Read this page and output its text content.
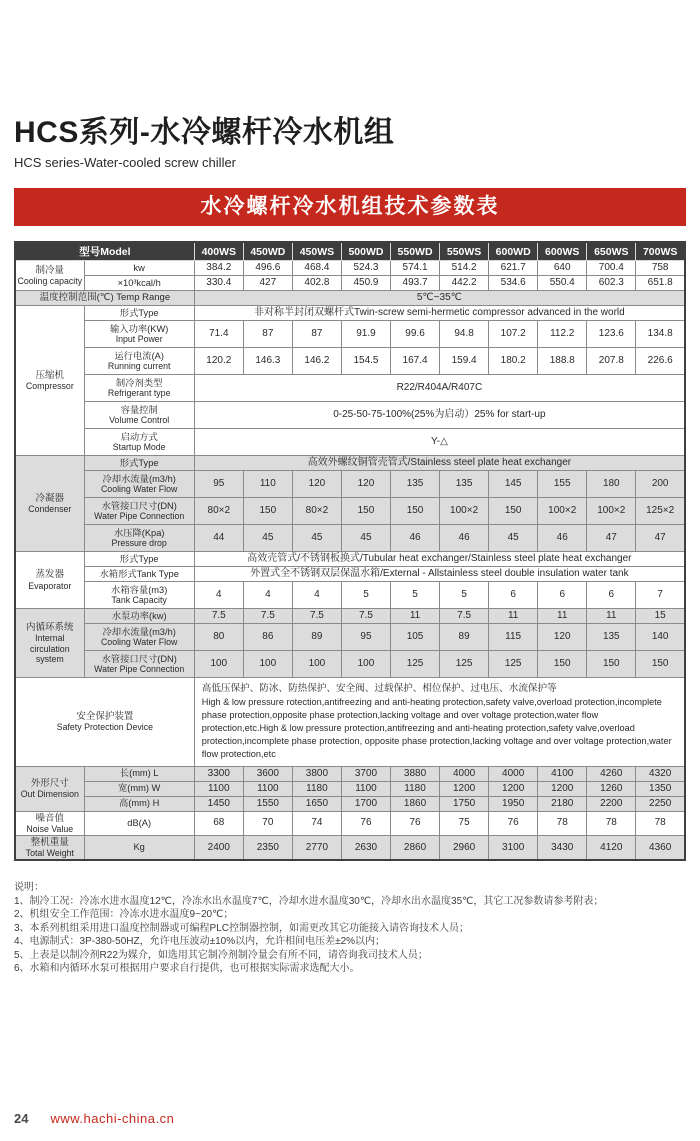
HCS系列-水冷螺杆冷水机组
HCS series-Water-cooled screw chiller
水冷螺杆冷水机组技术参数表
型号Model		400WS	450WD	450WS	500WD	550WD	550WS	600WD	600WS	650WS	700WS

制冷量
Cooling capacity	kw	384.2	496.6	468.4	524.3	574.1	514.2	621.7	640	700.4	758

	×10³kcal/h	330.4	427	402.8	450.9	493.7	442.2	534.6	550.4	602.3	651.8

温度控制范围(℃) Temp Range		5℃~35℃									

压缩机
Compressor	形式Type	非对称半封闭双螺杆式Twin-screw semi-hermetic compressor advanced in the world									

	输入功率(KW)
Input Power	71.4	87	87	91.9	99.6	94.8	107.2	112.2	123.6	134.8

	运行电流(A)
Running current	120.2	146.3	146.2	154.5	167.4	159.4	180.2	188.8	207.8	226.6

	制冷剂类型
Refrigerant type	R22/R404A/R407C									

	容量控制
Volume Control	0-25-50-75-100%(25%为启动）25% for start-up									

	启动方式
Startup Mode	Y-△									

冷凝器
Condenser	形式Type	高效外螺纹铜管壳管式/Stainless steel plate heat exchanger									

	冷却水流量(m3/h)
Cooling Water Flow	95	110	120	120	135	135	145	155	180	200

	水管接口尺寸(DN)
Water Pipe Connection	80×2	150	80×2	150	150	100×2	150	100×2	100×2	125×2

	水压降(Kpa)
Pressure drop	44	45	45	45	46	46	45	46	47	47

蒸发器
Evaporator	形式Type	高效壳管式/不锈钢板换式/Tubular heat exchanger/Stainless steel plate heat exchanger									

	水箱形式Tank Type	外置式全不锈钢双层保温水箱/External - Allstainless steel double insulation water tank									

	水箱容量(m3)
Tank Capacity	4	4	4	5	5	5	6	6	6	7

内循环系统
Internal circulation system	水泵功率(kw)	7.5	7.5	7.5	7.5	11	7.5	11	11	11	15

	冷却水流量(m3/h)
Cooling Water Flow	80	86	89	95	105	89	115	120	135	140

	水管接口尺寸(DN)
Water Pipe Connection	100	100	100	100	125	125	125	150	150	150

安全保护装置
Safety Protection Device

高低压保护、防冰、防热保护、安全阀、过载保护、相位保护、过电压、水流保护等
High & low pressure rotection,antifreezing and anti-heating protection,safety valve,overload protection,incomplete phase protection,opposite phase protection,lacking voltage and over voltage protection,water flow protection,etc.High & low pressure protection,antifreezing and anti-heating protection,safety valve,overload protection,incomplete phase protection, opposite phase protection,lacking voltage and over voltage protection,water flow protection,etc

外形尺寸
Out Dimension	长(mm) L	3300	3600	3800	3700	3880	4000	4000	4100	4260	4320

	宽(mm) W	1100	1100	1180	1100	1180	1200	1200	1200	1260	1350

	高(mm) H	1450	1550	1650	1700	1860	1750	1950	2180	2200	2250

噪音值
Noise Value	dB(A)	68	70	74	76	76	75	76	78	78	78

整机重量
Total Weight	Kg	2400	2350	2770	2630	2860	2960	3100	3430	4120	4360
说明：
1、制冷工况：冷冻水进水温度12℃，冷冻水出水温度7℃，冷却水进水温度30℃，冷却水出水温度35℃，其它工况参数请参考附表；
2、机组安全工作范围：冷冻水进水温度9~20℃；
3、本系列机组采用进口温度控制器或可编程PLC控制器控制，如需更改其它功能接入请咨询技术人员；
4、电源制式：3P-380-50HZ，允许电压波动±10%以内，允许相间电压差±2%以内；
5、上表是以制冷剂R22为媒介，如选用其它制冷剂制冷量会有所不同，请咨询我司技术人员；
6、水箱和内循环水泵可根据用户要求自行提供，也可根据实际需求选配大小。
24 www.hachi-china.cn
